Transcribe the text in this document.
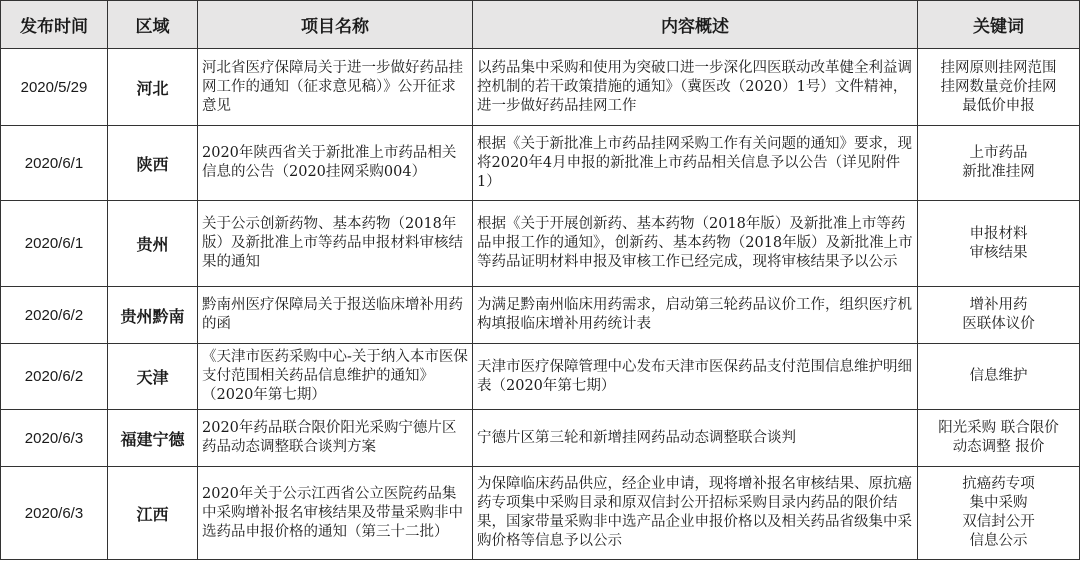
发布时间	区域	项目名称	内容概述	关键词
2020/5/29	河北	河北省医疗保障局关于进一步做好药品挂网工作的通知（征求意见稿）》公开征求意见	以药品集中采购和使用为突破口进一步深化四医联动改革健全利益调控机制的若干政策措施的通知》（冀医改（2020）1号）文件精神，进一步做好药品挂网工作	挂网原则挂网范围
挂网数量竞价挂网
最低价申报

2020/6/1	陕西	2020年陕西省关于新批准上市药品相关信息的公告（2020挂网采购004）	根据《关于新批准上市药品挂网采购工作有关问题的通知》要求，现将2020年4月申报的新批准上市药品相关信息予以公告（详见附件1）	上市药品
新批准挂网

2020/6/1	贵州	关于公示创新药物、基本药物（2018年版）及新批准上市等药品申报材料审核结果的通知	根据《关于开展创新药、基本药物（2018年版）及新批准上市等药品申报工作的通知》，创新药、基本药物（2018年版）及新批准上市等药品证明材料申报及审核工作已经完成，现将审核结果予以公示	申报材料
审核结果

2020/6/2	贵州黔南	黔南州医疗保障局关于报送临床增补用药的函	为满足黔南州临床用药需求，启动第三轮药品议价工作，组织医疗机构填报临床增补用药统计表	增补用药
医联体议价

2020/6/2	天津	《天津市医药采购中心-关于纳入本市医保支付范围相关药品信息维护的通知》（2020年第七期）	天津市医疗保障管理中心发布天津市医保药品支付范围信息维护明细表（2020年第七期）	信息维护

2020/6/3	福建宁德	2020年药品联合限价阳光采购宁德片区药品动态调整联合谈判方案	宁德片区第三轮和新增挂网药品动态调整联合谈判	阳光采购 联合限价
动态调整 报价

2020/6/3	江西	2020年关于公示江西省公立医院药品集中采购增补报名审核结果及带量采购非中选药品申报价格的通知（第三十二批）	为保障临床药品供应，经企业申请，现将增补报名审核结果、原抗癌药专项集中采购目录和原双信封公开招标采购目录内药品的限价结果，国家带量采购非中选产品企业申报价格以及相关药品省级集中采购价格等信息予以公示	抗癌药专项
集中采购
双信封公开
信息公示
